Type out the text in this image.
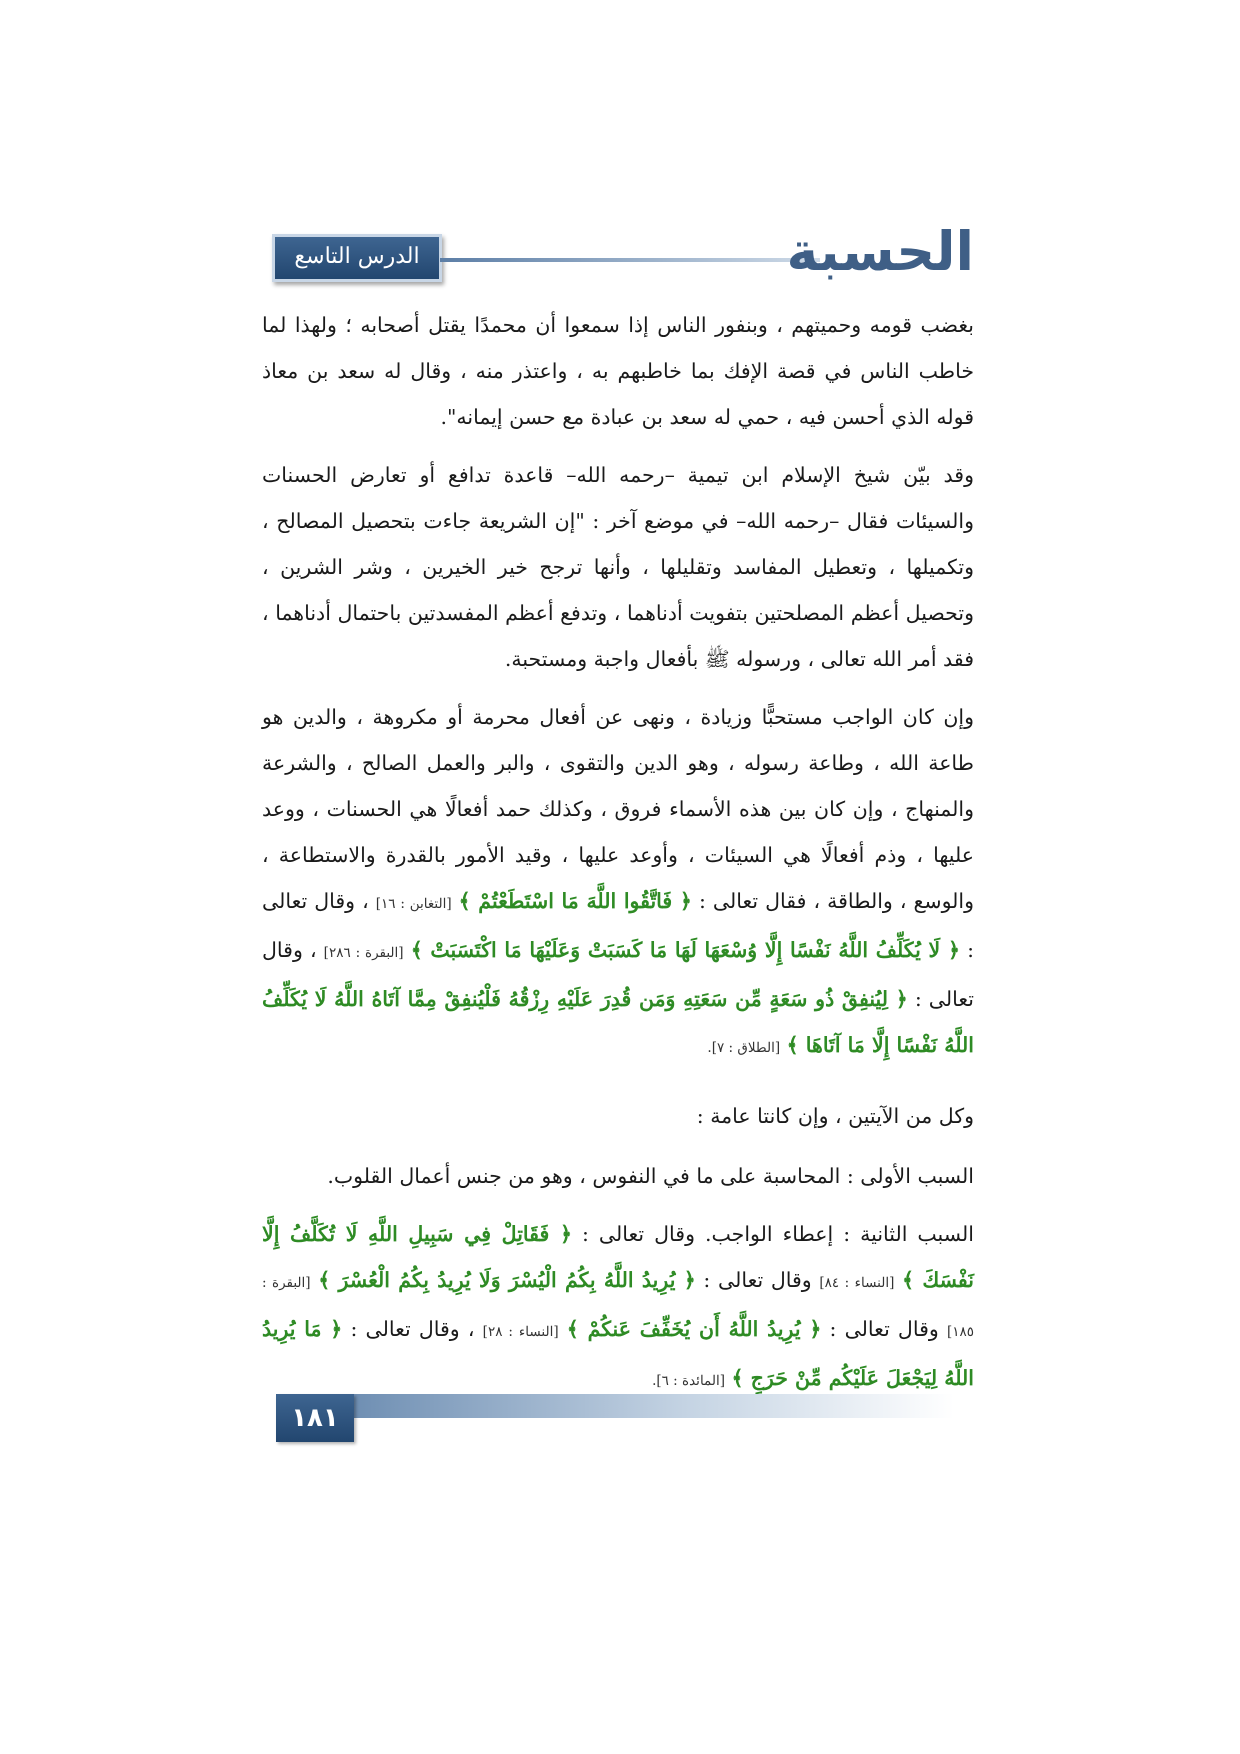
الدرس التاسع	الحسبة

بغضب قومه وحميتهم ، وبنفور الناس إذا سمعوا أن محمدًا يقتل أصحابه ؛ ولهذا لما خاطب الناس في قصة الإفك بما خاطبهم به ، واعتذر منه ، وقال له سعد بن معاذ قوله الذي أحسن فيه ، حمي له سعد بن عبادة مع حسن إيمانه".

وقد بيّن شيخ الإسلام ابن تيمية –رحمه الله– قاعدة تدافع أو تعارض الحسنات والسيئات فقال –رحمه الله– في موضع آخر : "إن الشريعة جاءت بتحصيل المصالح ، وتكميلها ، وتعطيل المفاسد وتقليلها ، وأنها ترجح خير الخيرين ، وشر الشرين ، وتحصيل أعظم المصلحتين بتفويت أدناهما ، وتدفع أعظم المفسدتين باحتمال أدناهما ، فقد أمر الله تعالى ، ورسوله ﷺ بأفعال واجبة ومستحبة.

وإن كان الواجب مستحبًّا وزيادة ، ونهى عن أفعال محرمة أو مكروهة ، والدين هو طاعة الله ، وطاعة رسوله ، وهو الدين والتقوى ، والبر والعمل الصالح ، والشرعة والمنهاج ، وإن كان بين هذه الأسماء فروق ، وكذلك حمد أفعالًا هي الحسنات ، ووعد عليها ، وذم أفعالًا هي السيئات ، وأوعد عليها ، وقيد الأمور بالقدرة والاستطاعة ، والوسع ، والطاقة ، فقال تعالى : ﴿ فَاتَّقُوا اللَّهَ مَا اسْتَطَعْتُمْ ﴾ [التغابن : ١٦] ، وقال تعالى : ﴿ لَا يُكَلِّفُ اللَّهُ نَفْسًا إِلَّا وُسْعَهَا لَهَا مَا كَسَبَتْ وَعَلَيْهَا مَا اكْتَسَبَتْ ﴾ [البقرة : ٢٨٦] ، وقال تعالى : ﴿ لِيُنفِقْ ذُو سَعَةٍ مِّن سَعَتِهِ وَمَن قُدِرَ عَلَيْهِ رِزْقُهُ فَلْيُنفِقْ مِمَّا آتَاهُ اللَّهُ لَا يُكَلِّفُ اللَّهُ نَفْسًا إِلَّا مَا آتَاهَا ﴾ [الطلاق : ٧].

وكل من الآيتين ، وإن كانتا عامة :

السبب الأولى : المحاسبة على ما في النفوس ، وهو من جنس أعمال القلوب.

السبب الثانية : إعطاء الواجب. وقال تعالى : ﴿ فَقَاتِلْ فِي سَبِيلِ اللَّهِ لَا تُكَلَّفُ إِلَّا نَفْسَكَ ﴾ [النساء : ٨٤] وقال تعالى : ﴿ يُرِيدُ اللَّهُ بِكُمُ الْيُسْرَ وَلَا يُرِيدُ بِكُمُ الْعُسْرَ ﴾ [البقرة : ١٨٥] وقال تعالى : ﴿ يُرِيدُ اللَّهُ أَن يُخَفِّفَ عَنكُمْ ﴾ [النساء : ٢٨] ، وقال تعالى : ﴿ مَا يُرِيدُ اللَّهُ لِيَجْعَلَ عَلَيْكُم مِّنْ حَرَجٍ ﴾ [المائدة : ٦].

١٨١
